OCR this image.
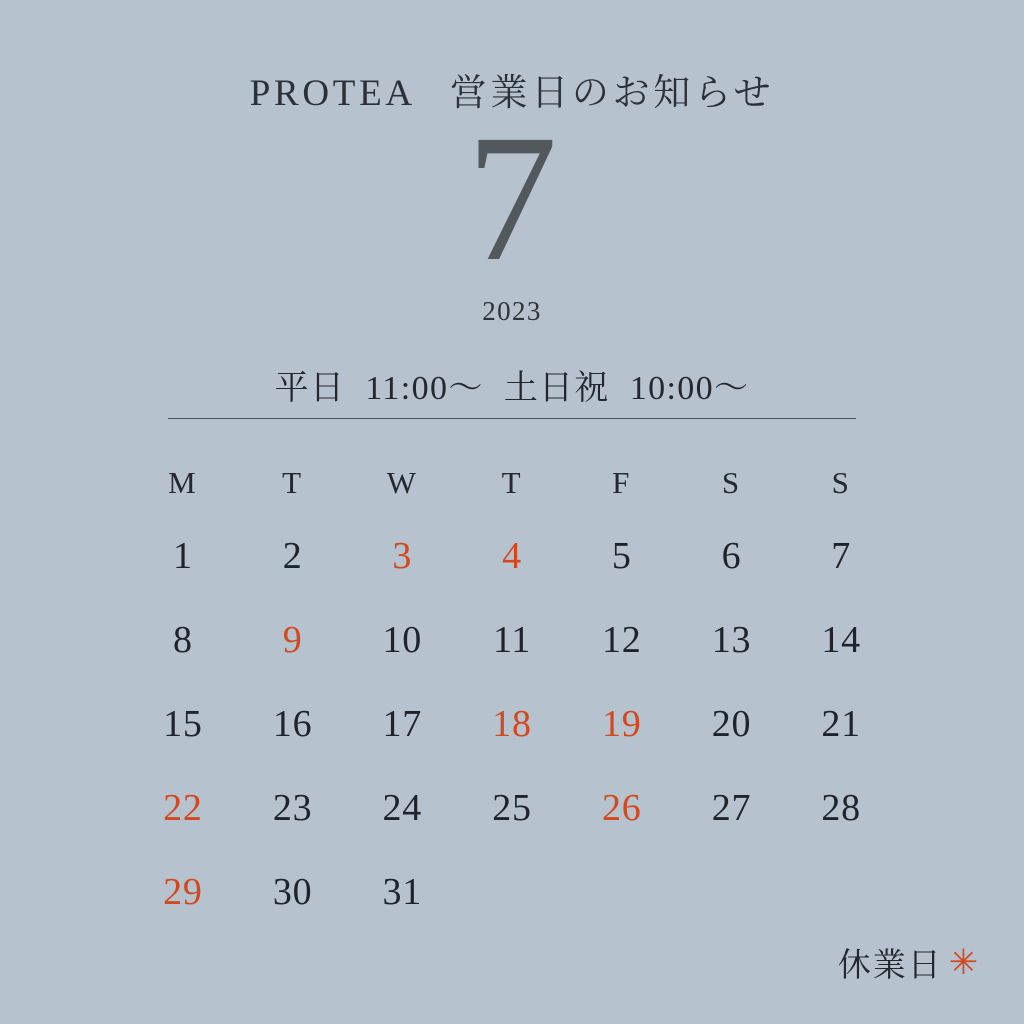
PROTEA 営業日のお知らせ
7
2023
平日 11:00〜 土日祝 10:00〜
M	T	W	T	F	S	S
1	2	3	4	5	6	7
8	9	10	11	12	13	14
15	16	17	18	19	20	21
22	23	24	25	26	27	28
29	30	31
休業日 ✳
